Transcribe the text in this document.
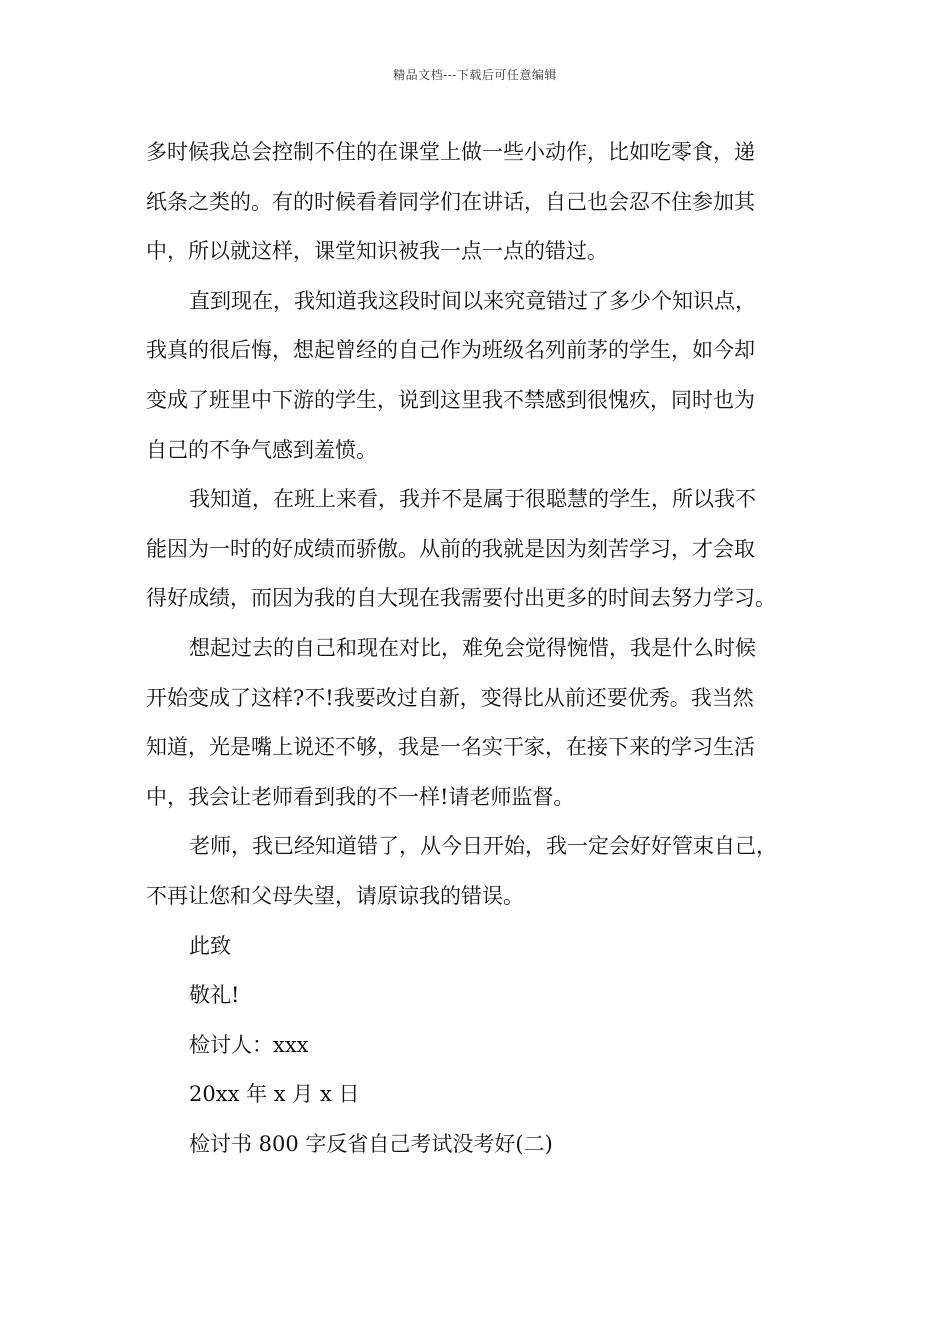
精品文档---下载后可任意编辑
多时候我总会控制不住的在课堂上做一些小动作，比如吃零食，递
纸条之类的。有的时候看着同学们在讲话，自己也会忍不住参加其
中，所以就这样，课堂知识被我一点一点的错过。
直到现在，我知道我这段时间以来究竟错过了多少个知识点，
我真的很后悔，想起曾经的自己作为班级名列前茅的学生，如今却
变成了班里中下游的学生，说到这里我不禁感到很愧疚，同时也为
自己的不争气感到羞愤。
我知道，在班上来看，我并不是属于很聪慧的学生，所以我不
能因为一时的好成绩而骄傲。从前的我就是因为刻苦学习，才会取
得好成绩，而因为我的自大现在我需要付出更多的时间去努力学习。
想起过去的自己和现在对比，难免会觉得惋惜，我是什么时候
开始变成了这样?不!我要改过自新，变得比从前还要优秀。我当然
知道，光是嘴上说还不够，我是一名实干家，在接下来的学习生活
中，我会让老师看到我的不一样!请老师监督。
老师，我已经知道错了，从今日开始，我一定会好好管束自己，
不再让您和父母失望，请原谅我的错误。
此致
敬礼!
检讨人：xxx
20xx 年 x 月 x 日
检讨书 800 字反省自己考试没考好(二)
